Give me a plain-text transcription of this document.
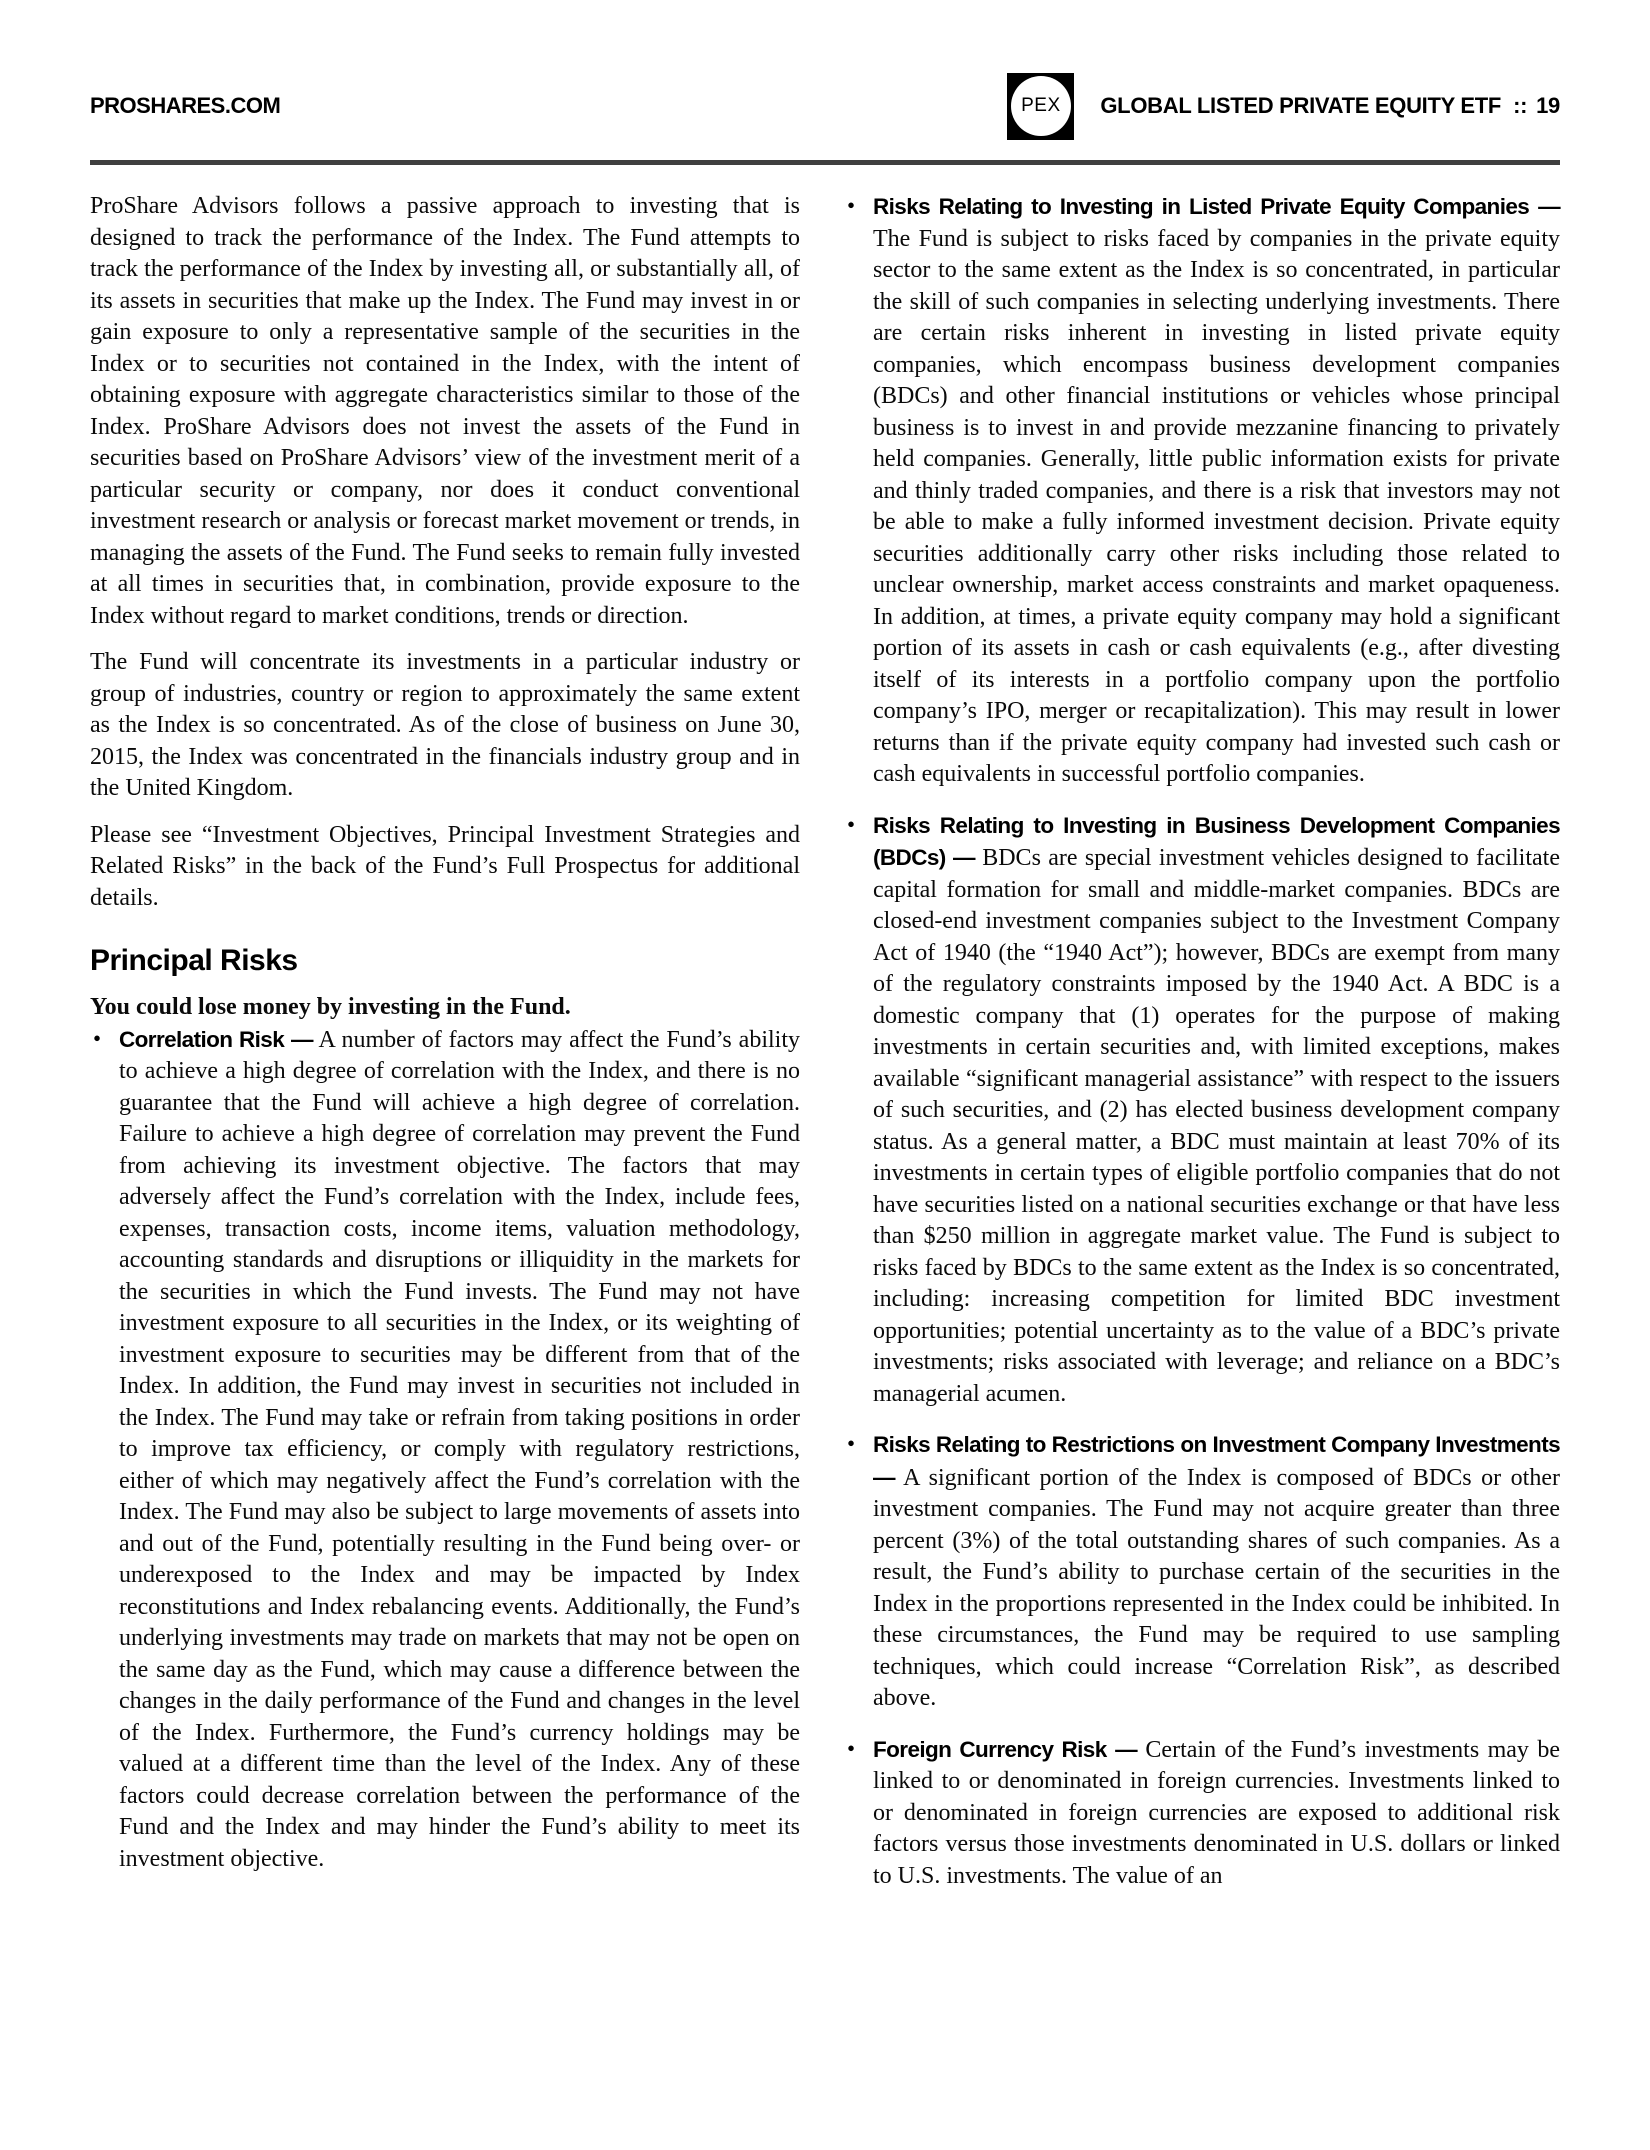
PROSHARES.COM	PEX	GLOBAL LISTED PRIVATE EQUITY ETF :: 19

ProShare Advisors follows a passive approach to investing that is designed to track the performance of the Index. The Fund attempts to track the performance of the Index by investing all, or substantially all, of its assets in securities that make up the Index. The Fund may invest in or gain exposure to only a representative sample of the securities in the Index or to securities not contained in the Index, with the intent of obtaining exposure with aggregate characteristics similar to those of the Index. ProShare Advisors does not invest the assets of the Fund in securities based on ProShare Advisors’ view of the investment merit of a particular security or company, nor does it conduct conventional investment research or analysis or forecast market movement or trends, in managing the assets of the Fund. The Fund seeks to remain fully invested at all times in securities that, in combination, provide exposure to the Index without regard to market conditions, trends or direction.

The Fund will concentrate its investments in a particular industry or group of industries, country or region to approximately the same extent as the Index is so concentrated. As of the close of business on June 30, 2015, the Index was concentrated in the financials industry group and in the United Kingdom.

Please see “Investment Objectives, Principal Investment Strategies and Related Risks” in the back of the Fund’s Full Prospectus for additional details.

Principal Risks

You could lose money by investing in the Fund.

• Correlation Risk — A number of factors may affect the Fund’s ability to achieve a high degree of correlation with the Index, and there is no guarantee that the Fund will achieve a high degree of correlation. Failure to achieve a high degree of correlation may prevent the Fund from achieving its investment objective. The factors that may adversely affect the Fund’s correlation with the Index, include fees, expenses, transaction costs, income items, valuation methodology, accounting standards and disruptions or illiquidity in the markets for the securities in which the Fund invests. The Fund may not have investment exposure to all securities in the Index, or its weighting of investment exposure to securities may be different from that of the Index. In addition, the Fund may invest in securities not included in the Index. The Fund may take or refrain from taking positions in order to improve tax efficiency, or comply with regulatory restrictions, either of which may negatively affect the Fund’s correlation with the Index. The Fund may also be subject to large movements of assets into and out of the Fund, potentially resulting in the Fund being over- or underexposed to the Index and may be impacted by Index reconstitutions and Index rebalancing events. Additionally, the Fund’s underlying investments may trade on markets that may not be open on the same day as the Fund, which may cause a difference between the changes in the daily performance of the Fund and changes in the level of the Index. Furthermore, the Fund’s currency holdings may be valued at a different time than the level of the Index. Any of these factors could decrease correlation between the performance of the Fund and the Index and may hinder the Fund’s ability to meet its investment objective.
• Risks Relating to Investing in Listed Private Equity Companies — The Fund is subject to risks faced by companies in the private equity sector to the same extent as the Index is so concentrated, in particular the skill of such companies in selecting underlying investments. There are certain risks inherent in investing in listed private equity companies, which encompass business development companies (BDCs) and other financial institutions or vehicles whose principal business is to invest in and provide mezzanine financing to privately held companies. Generally, little public information exists for private and thinly traded companies, and there is a risk that investors may not be able to make a fully informed investment decision. Private equity securities additionally carry other risks including those related to unclear ownership, market access constraints and market opaqueness. In addition, at times, a private equity company may hold a significant portion of its assets in cash or cash equivalents (e.g., after divesting itself of its interests in a portfolio company upon the portfolio company’s IPO, merger or recapitalization). This may result in lower returns than if the private equity company had invested such cash or cash equivalents in successful portfolio companies.
• Risks Relating to Investing in Business Development Companies (BDCs) — BDCs are special investment vehicles designed to facilitate capital formation for small and middle-market companies. BDCs are closed-end investment companies subject to the Investment Company Act of 1940 (the “1940 Act”); however, BDCs are exempt from many of the regulatory constraints imposed by the 1940 Act. A BDC is a domestic company that (1) operates for the purpose of making investments in certain securities and, with limited exceptions, makes available “significant managerial assistance” with respect to the issuers of such securities, and (2) has elected business development company status. As a general matter, a BDC must maintain at least 70% of its investments in certain types of eligible portfolio companies that do not have securities listed on a national securities exchange or that have less than $250 million in aggregate market value. The Fund is subject to risks faced by BDCs to the same extent as the Index is so concentrated, including: increasing competition for limited BDC investment opportunities; potential uncertainty as to the value of a BDC’s private investments; risks associated with leverage; and reliance on a BDC’s managerial acumen.
• Risks Relating to Restrictions on Investment Company Investments — A significant portion of the Index is composed of BDCs or other investment companies. The Fund may not acquire greater than three percent (3%) of the total outstanding shares of such companies. As a result, the Fund’s ability to purchase certain of the securities in the Index in the proportions represented in the Index could be inhibited. In these circumstances, the Fund may be required to use sampling techniques, which could increase “Correlation Risk”, as described above.
• Foreign Currency Risk — Certain of the Fund’s investments may be linked to or denominated in foreign currencies. Investments linked to or denominated in foreign currencies are exposed to additional risk factors versus those investments denominated in U.S. dollars or linked to U.S. investments. The value of an
